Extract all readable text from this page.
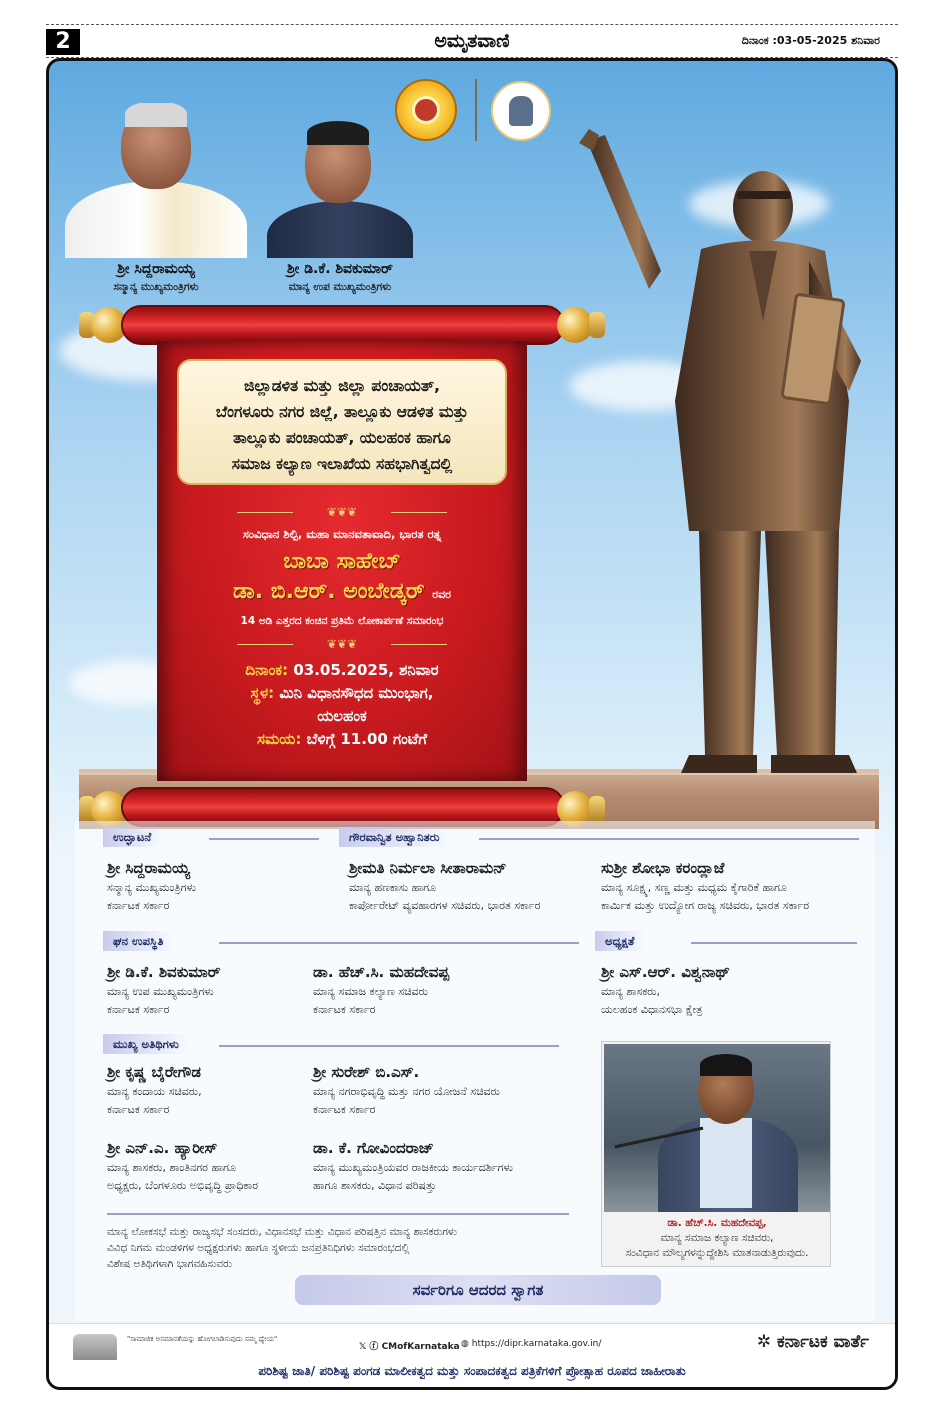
2	ಅಮೃತವಾಣಿ	ದಿನಾಂಕ :03-05-2025 ಶನಿವಾರ
ಶ್ರೀ ಸಿದ್ದರಾಮಯ್ಯ
ಸನ್ಮಾನ್ಯ ಮುಖ್ಯಮಂತ್ರಿಗಳು
ಶ್ರೀ ಡಿ.ಕೆ. ಶಿವಕುಮಾರ್
ಮಾನ್ಯ ಉಪ ಮುಖ್ಯಮಂತ್ರಿಗಳು
ಜಿಲ್ಲಾಡಳಿತ ಮತ್ತು ಜಿಲ್ಲಾ ಪಂಚಾಯತ್,
ಬೆಂಗಳೂರು ನಗರ ಜಿಲ್ಲೆ, ತಾಲ್ಲೂಕು ಆಡಳಿತ ಮತ್ತು
ತಾಲ್ಲೂಕು ಪಂಚಾಯತ್, ಯಲಹಂಕ ಹಾಗೂ
ಸಮಾಜ ಕಲ್ಯಾಣ ಇಲಾಖೆಯ ಸಹಭಾಗಿತ್ವದಲ್ಲಿ
❦❦❦
ಸಂವಿಧಾನ ಶಿಲ್ಪಿ, ಮಹಾ ಮಾನವತಾವಾದಿ, ಭಾರತ ರತ್ನ
ಬಾಬಾ ಸಾಹೇಬ್
ಡಾ. ಬಿ.ಆರ್. ಅಂಬೇಡ್ಕರ್ ರವರ
14 ಅಡಿ ಎತ್ತರದ ಕಂಚಿನ ಪ್ರತಿಮೆ ಲೋಕಾರ್ಪಣೆ ಸಮಾರಂಭ
❦❦❦
ದಿನಾಂಕ: 03.05.2025, ಶನಿವಾರ
ಸ್ಥಳ: ಮಿನಿ ವಿಧಾನಸೌಧದ ಮುಂಭಾಗ,
ಯಲಹಂಕ
ಸಮಯ: ಬೆಳಿಗ್ಗೆ 11.00 ಗಂಟೆಗೆ
ಉದ್ಘಾಟನೆ	ಗೌರವಾನ್ವಿತ ಅಹ್ವಾನಿತರು
ಶ್ರೀ ಸಿದ್ದರಾಮಯ್ಯ
ಸನ್ಮಾನ್ಯ ಮುಖ್ಯಮಂತ್ರಿಗಳು
ಕರ್ನಾಟಕ ಸರ್ಕಾರ
ಶ್ರೀಮತಿ ನಿರ್ಮಲಾ ಸೀತಾರಾಮನ್
ಮಾನ್ಯ ಹಣಕಾಸು ಹಾಗೂ
ಕಾರ್ಪೋರೇಟ್ ವ್ಯವಹಾರಗಳ ಸಚಿವರು, ಭಾರತ ಸರ್ಕಾರ
ಸುಶ್ರೀ ಶೋಭಾ ಕರಂದ್ಲಾಜೆ
ಮಾನ್ಯ ಸೂಕ್ಷ್ಮ, ಸಣ್ಣ ಮತ್ತು ಮಧ್ಯಮ ಕೈಗಾರಿಕೆ ಹಾಗೂ
ಕಾರ್ಮಿಕ ಮತ್ತು ಉದ್ಯೋಗ ರಾಜ್ಯ ಸಚಿವರು, ಭಾರತ ಸರ್ಕಾರ
ಘನ ಉಪಸ್ಥಿತಿ	ಅಧ್ಯಕ್ಷತೆ
ಶ್ರೀ ಡಿ.ಕೆ. ಶಿವಕುಮಾರ್
ಮಾನ್ಯ ಉಪ ಮುಖ್ಯಮಂತ್ರಿಗಳು
ಕರ್ನಾಟಕ ಸರ್ಕಾರ
ಡಾ. ಹೆಚ್.ಸಿ. ಮಹದೇವಪ್ಪ
ಮಾನ್ಯ ಸಮಾಜ ಕಲ್ಯಾಣ ಸಚಿವರು
ಕರ್ನಾಟಕ ಸರ್ಕಾರ
ಶ್ರೀ ಎಸ್.ಆರ್. ವಿಶ್ವನಾಥ್
ಮಾನ್ಯ ಶಾಸಕರು,
ಯಲಹಂಕ ವಿಧಾನಸಭಾ ಕ್ಷೇತ್ರ
ಮುಖ್ಯ ಅತಿಥಿಗಳು
ಶ್ರೀ ಕೃಷ್ಣ ಬೈರೇಗೌಡ
ಮಾನ್ಯ ಕಂದಾಯ ಸಚಿವರು,
ಕರ್ನಾಟಕ ಸರ್ಕಾರ
ಶ್ರೀ ಸುರೇಶ್ ಬಿ.ಎಸ್.
ಮಾನ್ಯ ನಗರಾಭಿವೃದ್ಧಿ ಮತ್ತು ನಗರ ಯೋಜನೆ ಸಚಿವರು
ಕರ್ನಾಟಕ ಸರ್ಕಾರ
ಶ್ರೀ ಎನ್.ಎ. ಹ್ಯಾರೀಸ್
ಮಾನ್ಯ ಶಾಸಕರು, ಶಾಂತಿನಗರ ಹಾಗೂ
ಅಧ್ಯಕ್ಷರು, ಬೆಂಗಳೂರು ಅಭಿವೃದ್ಧಿ ಪ್ರಾಧಿಕಾರ
ಡಾ. ಕೆ. ಗೋವಿಂದರಾಜ್
ಮಾನ್ಯ ಮುಖ್ಯಮಂತ್ರಿಯವರ ರಾಜಕೀಯ ಕಾರ್ಯದರ್ಶಿಗಳು
ಹಾಗೂ ಶಾಸಕರು, ವಿಧಾನ ಪರಿಷತ್ತು
ಡಾ. ಹೆಚ್.ಸಿ. ಮಹದೇವಪ್ಪ,
ಮಾನ್ಯ ಸಮಾಜ ಕಲ್ಯಾಣ ಸಚಿವರು,
ಸಂವಿಧಾನ ಮೌಲ್ಯಗಳನ್ನುದ್ದೇಶಿಸಿ ಮಾತನಾಡುತ್ತಿರುವುದು.
ಮಾನ್ಯ ಲೋಕಸಭೆ ಮತ್ತು ರಾಜ್ಯಸಭೆ ಸಂಸದರು, ವಿಧಾನಸಭೆ ಮತ್ತು ವಿಧಾನ ಪರಿಷತ್ತಿನ ಮಾನ್ಯ ಶಾಸಕರುಗಳು
ವಿವಿಧ ನಿಗಮ ಮಂಡಳಿಗಳ ಅಧ್ಯಕ್ಷರುಗಳು ಹಾಗೂ ಸ್ಥಳೀಯ ಜನಪ್ರತಿನಿಧಿಗಳು ಸಮಾರಂಭದಲ್ಲಿ
ವಿಶೇಷ ಅತಿಥಿಗಳಾಗಿ ಭಾಗವಹಿಸುವರು
ಸರ್ವರಿಗೂ ಆದರದ ಸ್ವಾಗತ
"ಸಾಮಾಜಿಕ ಅಸಮಾನತೆಯನ್ನು ಹೋಗಲಾಡಿಸುವುದು ನಮ್ಮ ಧ್ಯೇಯ"
𝕏 ⓕ CMofKarnataka ◍ https://dipr.karnataka.gov.in/	✲ ಕರ್ನಾಟಕ ವಾರ್ತೆ
ಪರಿಶಿಷ್ಟ ಜಾತಿ/ ಪರಿಶಿಷ್ಟ ಪಂಗಡ ಮಾಲೀಕತ್ವದ ಮತ್ತು ಸಂಪಾದಕತ್ವದ ಪತ್ರಿಕೆಗಳಿಗೆ ಪ್ರೋತ್ಸಾಹ ರೂಪದ ಜಾಹೀರಾತು
